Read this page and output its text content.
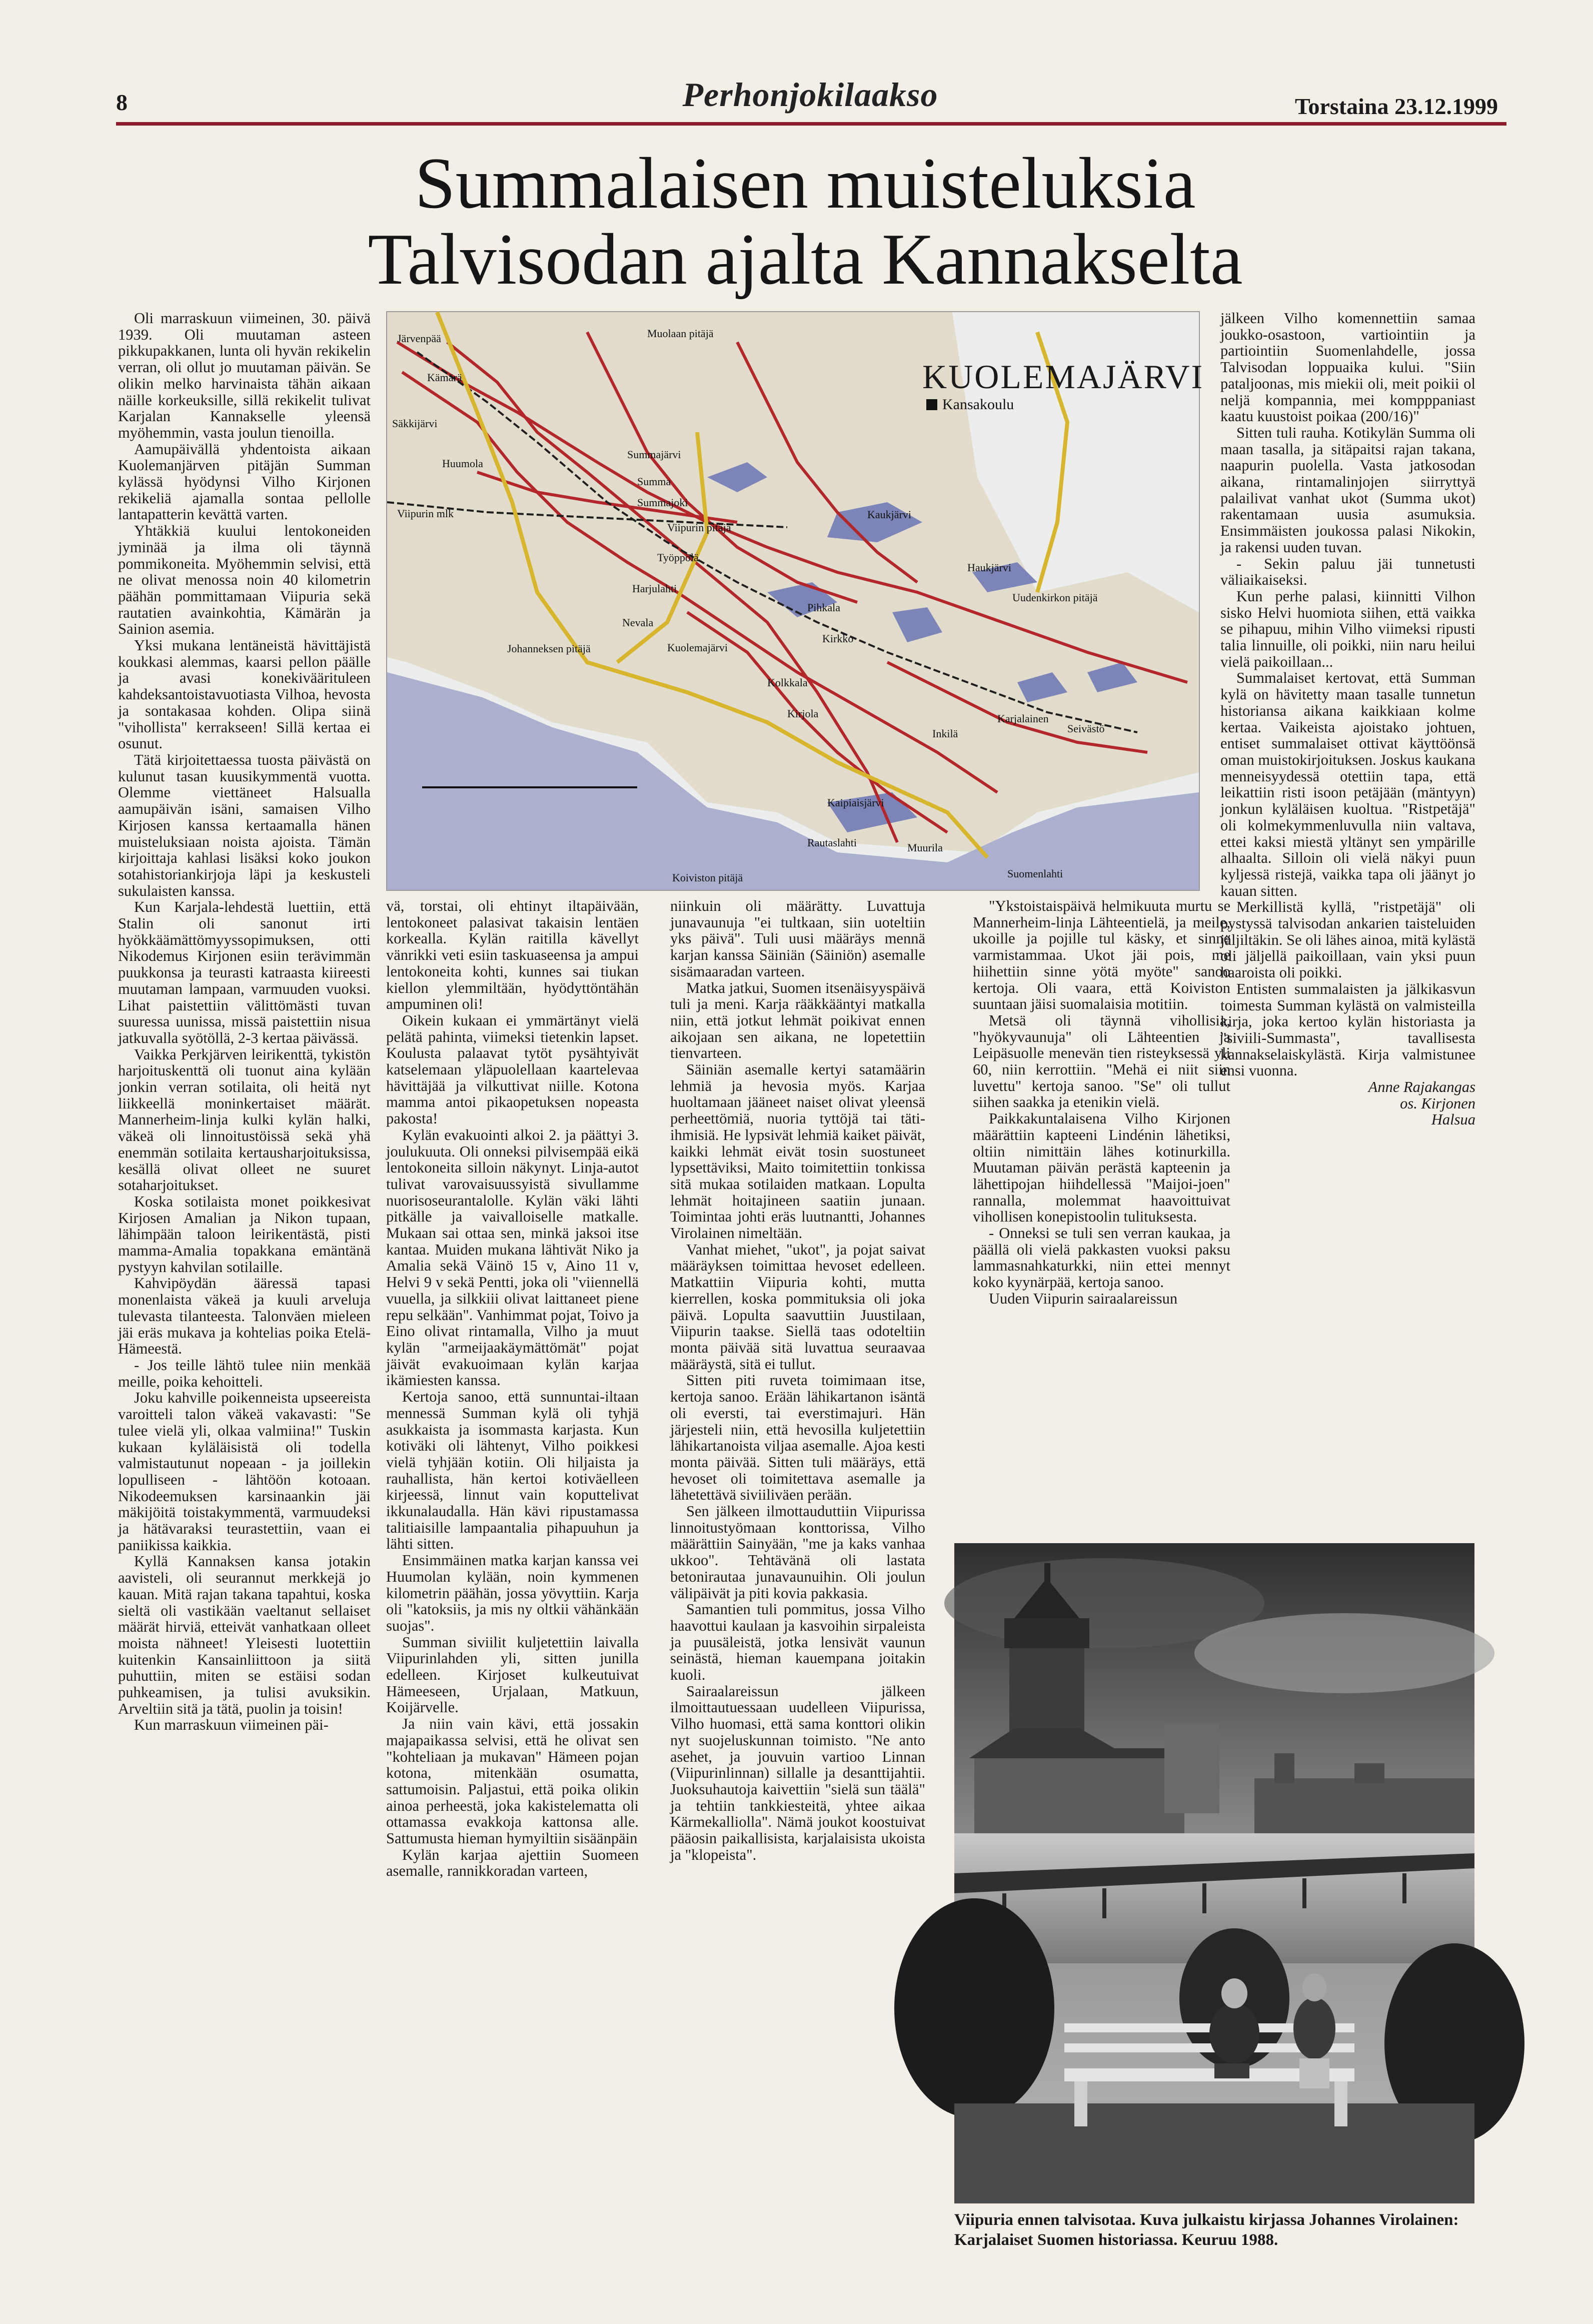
8	Perhonjokilaakso	Torstaina 23.12.1999
Summalaisen muisteluksia
Talvisodan ajalta Kannakselta

Oli marraskuun viimeinen, 30. päivä 1939. Oli muutaman asteen pikkupakkanen, lunta oli hyvän rekikelin verran, oli ollut jo muutaman päivän. Se olikin melko harvinaista tähän aikaan näille korkeuksille, sillä rekikelit tulivat Karjalan Kannakselle yleensä myöhemmin, vasta joulun tienoilla.

Aamupäivällä yhdentoista aikaan Kuolemanjärven pitäjän Summan kylässä hyödynsi Vilho Kirjonen rekikeliä ajamalla sontaa pellolle lantapatterin kevättä varten.

Yhtäkkiä kuului lentokoneiden jyminää ja ilma oli täynnä pommikoneita. Myöhemmin selvisi, että ne olivat menossa noin 40 kilometrin päähän pommittamaan Viipuria sekä rautatien avainkohtia, Kämärän ja Sainion asemia.

Yksi mukana lentäneistä hävittäjistä koukkasi alemmas, kaarsi pellon päälle ja avasi konekiväärituleen kahdeksantoistavuotiasta Vilhoa, hevosta ja sontakasaa kohden. Olipa siinä "vihollista" kerrakseen! Sillä kertaa ei osunut.

Tätä kirjoitettaessa tuosta päivästä on kulunut tasan kuusikymmentä vuotta. Olemme viettäneet Halsualla aamupäivän isäni, samaisen Vilho Kirjosen kanssa kertaamalla hänen muisteluksiaan noista ajoista. Tämän kirjoittaja kahlasi lisäksi koko joukon sotahistoriankirjoja läpi ja keskusteli sukulaisten kanssa.

Kun Karjala-lehdestä luettiin, että Stalin oli sanonut irti hyökkäämättömyyssopimuksen, otti Nikodemus Kirjonen esiin terävimmän puukkonsa ja teurasti katraasta kiireesti muutaman lampaan, varmuuden vuoksi. Lihat paistettiin välittömästi tuvan suuressa uunissa, missä paistettiin nisua jatkuvalla syötöllä, 2-3 kertaa päivässä.

Vaikka Perkjärven leirikenttä, tykistön harjoituskenttä oli tuonut aina kylään jonkin verran sotilaita, oli heitä nyt liikkeellä moninkertaiset määrät. Mannerheim-linja kulki kylän halki, väkeä oli linnoitustöissä sekä yhä enemmän sotilaita kertausharjoituksissa, kesällä olivat olleet ne suuret sotaharjoitukset.

Koska sotilaista monet poikkesivat Kirjosen Amalian ja Nikon tupaan, lähimpään taloon leirikentästä, pisti mamma-Amalia topakkana emäntänä pystyyn kahvilan sotilaille.

Kahvipöydän ääressä tapasi monenlaista väkeä ja kuuli arveluja tulevasta tilanteesta. Talonväen mieleen jäi eräs mukava ja kohtelias poika Etelä-Hämeestä.

- Jos teille lähtö tulee niin menkää meille, poika kehoitteli.

Joku kahville poikenneista upseereista varoitteli talon väkeä vakavasti: "Se tulee vielä yli, olkaa valmiina!" Tuskin kukaan kyläläisistä oli todella valmistautunut nopeaan - ja joillekin lopulliseen - lähtöön kotoaan. Nikodeemuksen karsinaankin jäi mäkijöitä toistakymmentä, varmuudeksi ja hätävaraksi teurastettiin, vaan ei paniikissa kaikkia.

Kyllä Kannaksen kansa jotakin aavisteli, oli seurannut merkkejä jo kauan. Mitä rajan takana tapahtui, koska sieltä oli vastikään vaeltanut sellaiset määrät hirviä, etteivät vanhatkaan olleet moista nähneet! Yleisesti luotettiin kuitenkin Kansainliittoon ja siitä puhuttiin, miten se estäisi sodan puhkeamisen, ja tulisi avuksikin. Arveltiin sitä ja tätä, puolin ja toisin!

Kun marraskuun viimeinen päi-

KUOLEMAJÄRVI
Kansakoulu
Muolaan pitäjä
Järvenpää
Kämärä
Säkkijärvi
Huumola
Summajärvi
Summa
Summajoki
Viipurin mlk	Kaukjärvi
Viipurin pitäjä
Työppölä
Harjulahti
Haukjärvi
Uudenkirkon pitäjä
Pihkala
Nevala
Kuolemajärvi
Johanneksen pitäjä
Kirkko
Kolkkala
Kirjola
Inkilä
Karjalainen
Seivästö
Kaipiaisjärvi
Koiviston pitäjä
Rautaslahti	Muurila
Suomenlahti

vä, torstai, oli ehtinyt iltapäivään, lentokoneet palasivat takaisin lentäen korkealla. Kylän raitilla kävellyt vänrikki veti esiin taskuaseensa ja ampui lentokoneita kohti, kunnes sai tiukan kiellon ylemmiltään, hyödyttöntähän ampuminen oli!

Oikein kukaan ei ymmärtänyt vielä pelätä pahinta, viimeksi tietenkin lapset. Koulusta palaavat tytöt pysähtyivät katselemaan yläpuolellaan kaartelevaa hävittäjää ja vilkuttivat niille. Kotona mamma antoi pikaopetuksen nopeasta pakosta!

Kylän evakuointi alkoi 2. ja päättyi 3. joulukuuta. Oli onneksi pilvisempää eikä lentokoneita silloin näkynyt. Linja-autot tulivat varovaisuussyistä sivullamme nuorisoseurantalolle. Kylän väki lähti pitkälle ja vaivalloiselle matkalle. Mukaan sai ottaa sen, minkä jaksoi itse kantaa. Muiden mukana lähtivät Niko ja Amalia sekä Väinö 15 v, Aino 11 v, Helvi 9 v sekä Pentti, joka oli "viiennellä vuuella, ja silkkiii olivat laittaneet piene repu selkään". Vanhimmat pojat, Toivo ja Eino olivat rintamalla, Vilho ja muut kylän "armeijaakäymättömät" pojat jäivät evakuoimaan kylän karjaa ikämiesten kanssa.

Kertoja sanoo, että sunnuntai-iltaan mennessä Summan kylä oli tyhjä asukkaista ja isommasta karjasta. Kun kotiväki oli lähtenyt, Vilho poikkesi vielä tyhjään kotiin. Oli hiljaista ja rauhallista, hän kertoi kotiväelleen kirjeessä, linnut vain koputtelivat ikkunalaudalla. Hän kävi ripustamassa talitiaisille lampaantalia pihapuuhun ja lähti sitten.

Ensimmäinen matka karjan kanssa vei Huumolan kylään, noin kymmenen kilometrin päähän, jossa yövyttiin. Karja oli "katoksiis, ja mis ny oltkii vähänkään suojas".

Summan siviilit kuljetettiin laivalla Viipurinlahden yli, sitten junilla edelleen. Kirjoset kulkeutuivat Hämeeseen, Urjalaan, Matkuun, Koijärvelle.

Ja niin vain kävi, että jossakin majapaikassa selvisi, että he olivat sen "kohteliaan ja mukavan" Hämeen pojan kotona, mitenkään osumatta, sattumoisin. Paljastui, että poika olikin ainoa perheestä, joka kakistelematta oli ottamassa evakkoja kattonsa alle. Sattumusta hieman hymyiltiin sisäänpäin

Kylän karjaa ajettiin Suomeen asemalle, rannikkoradan varteen,

niinkuin oli määrätty. Luvattuja junavaunuja "ei tultkaan, siin uoteltiin yks päivä". Tuli uusi määräys mennä karjan kanssa Säiniän (Säiniön) asemalle sisämaaradan varteen.

Matka jatkui, Suomen itsenäisyyspäivä tuli ja meni. Karja rääkkääntyi matkalla niin, että jotkut lehmät poikivat ennen aikojaan sen aikana, ne lopetettiin tienvarteen.

Säiniän asemalle kertyi satamäärin lehmiä ja hevosia myös. Karjaa huoltamaan jääneet naiset olivat yleensä perheettömiä, nuoria tyttöjä tai täti-ihmisiä. He lypsivät lehmiä kaiket päivät, kaikki lehmät eivät tosin suostuneet lypsettäviksi, Maito toimitettiin tonkissa sitä mukaa sotilaiden matkaan. Lopulta lehmät hoitajineen saatiin junaan. Toimintaa johti eräs luutnantti, Johannes Virolainen nimeltään.

Vanhat miehet, "ukot", ja pojat saivat määräyksen toimittaa hevoset edelleen. Matkattiin Viipuria kohti, mutta kierrellen, koska pommituksia oli joka päivä. Lopulta saavuttiin Juustilaan, Viipurin taakse. Siellä taas odoteltiin monta päivää sitä luvattua seuraavaa määräystä, sitä ei tullut.

Sitten piti ruveta toimimaan itse, kertoja sanoo. Erään lähikartanon isäntä oli eversti, tai everstimajuri. Hän järjesteli niin, että hevosilla kuljetettiin lähikartanoista viljaa asemalle. Ajoa kesti monta päivää. Sitten tuli määräys, että hevoset oli toimitettava asemalle ja lähetettävä siviiliväen perään.

Sen jälkeen ilmottauduttiin Viipurissa linnoitustyömaan konttorissa, Vilho määrättiin Sainyään, "me ja kaks vanhaa ukkoo". Tehtävänä oli lastata betonirautaa junavaunuihin. Oli joulun välipäivät ja piti kovia pakkasia.

Samantien tuli pommitus, jossa Vilho haavottui kaulaan ja kasvoihin sirpaleista ja puusäleistä, jotka lensivät vaunun seinästä, hieman kauempana joitakin kuoli.

Sairaalareissun jälkeen ilmoittautuessaan uudelleen Viipurissa, Vilho huomasi, että sama konttori olikin nyt suojeluskunnan toimisto. "Ne anto asehet, ja jouvuin vartioo Linnan (Viipurinlinnan) sillalle ja desanttijahtii. Juoksuhautoja kaivettiin "sielä sun täälä" ja tehtiin tankkiesteitä, yhtee aikaa Kärmekalliolla". Nämä joukot koostuivat pääosin paikallisista, karjalaisista ukoista ja "klopeista".

"Ykstoistaispäivä helmikuuta murtu se Mannerheim-linja Lähteentielä, ja meile, ukoille ja pojille tul käsky, et sinne varmistammaa. Ukot jäi pois, me hiihettiin sinne yötä myöte" sanoo kertoja. Oli vaara, että Koiviston suuntaan jäisi suomalaisia motitiin.

Metsä oli täynnä vihollisia, "hyökyvaunuja" oli Lähteentien ja Leipäsuolle menevän tien risteyksessä yli 60, niin kerrottiin. "Mehä ei niit siin luvettu" kertoja sanoo. "Se" oli tullut siihen saakka ja etenikin vielä.

Paikkakuntalaisena Vilho Kirjonen määrättiin kapteeni Lindénin lähetiksi, oltiin nimittäin lähes kotinurkilla. Muutaman päivän perästä kapteenin ja lähettipojan hiihdellessä "Maijoi-joen" rannalla, molemmat haavoittuivat vihollisen konepistoolin tulituksesta.

- Onneksi se tuli sen verran kaukaa, ja päällä oli vielä pakkasten vuoksi paksu lammasnahkaturkki, niin ettei mennyt koko kyynärpää, kertoja sanoo.

Uuden Viipurin sairaalareissun

jälkeen Vilho komennettiin samaa joukko-osastoon, vartiointiin ja partiointiin Suomenlahdelle, jossa Talvisodan loppuaika kului. "Siin pataljoonas, mis miekii oli, meit poikii ol neljä kompannia, mei kompppaniast kaatu kuustoist poikaa (200/16)"

Sitten tuli rauha. Kotikylän Summa oli maan tasalla, ja sitäpaitsi rajan takana, naapurin puolella. Vasta jatkosodan aikana, rintamalinjojen siirryttyä palailivat vanhat ukot (Summa ukot) rakentamaan uusia asumuksia. Ensimmäisten joukossa palasi Nikokin, ja rakensi uuden tuvan.

- Sekin paluu jäi tunnetusti väliaikaiseksi.

Kun perhe palasi, kiinnitti Vilhon sisko Helvi huomiota siihen, että vaikka se pihapuu, mihin Vilho viimeksi ripusti talia linnuille, oli poikki, niin naru heilui vielä paikoillaan...

Summalaiset kertovat, että Summan kylä on hävitetty maan tasalle tunnetun historiansa aikana kaikkiaan kolme kertaa. Vaikeista ajoistako johtuen, entiset summalaiset ottivat käyttöönsä oman muistokirjoituksen. Joskus kaukana menneisyydessä otettiin tapa, että leikattiin risti isoon petäjään (mäntyyn) jonkun kyläläisen kuoltua. "Ristpetäjä" oli kolmekymmenluvulla niin valtava, ettei kaksi miestä yltänyt sen ympärille alhaalta. Silloin oli vielä näkyi puun kyljessä ristejä, vaikka tapa oli jäänyt jo kauan sitten.

Merkillistä kyllä, "ristpetäjä" oli pystyssä talvisodan ankarien taisteluiden jäljiltäkin. Se oli lähes ainoa, mitä kylästä oli jäljellä paikoillaan, vain yksi puun haaroista oli poikki.

Entisten summalaisten ja jälkikasvun toimesta Summan kylästä on valmisteilla kirja, joka kertoo kylän historiasta ja "siviili-Summasta", tavallisesta kannakselaiskylästä. Kirja valmistunee ensi vuonna.

Anne Rajakangas

os. Kirjonen

Halsua

Viipuria ennen talvisotaa. Kuva julkaistu kirjassa Johannes Virolainen: Karjalaiset Suomen historiassa. Keuruu 1988.
